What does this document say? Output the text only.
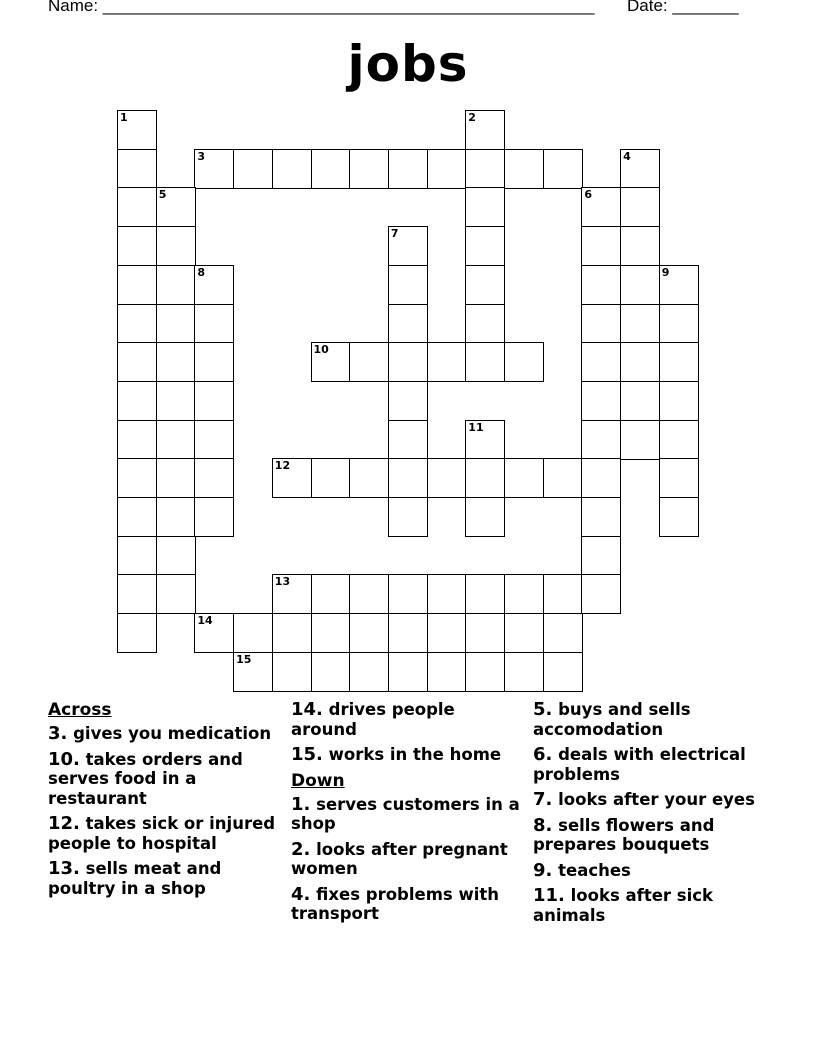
Name: ____________________________________________________ Date: _______
jobs
1	2
3	4
5	6
7
8	9
10
11
12
13
14
15
Across
3. gives you medication
10. takes orders and serves food in a restaurant
12. takes sick or injured people to hospital
13. sells meat and poultry in a shop
14. drives people around
15. works in the home
Down
1. serves customers in a shop
2. looks after pregnant women
4. fixes problems with transport
5. buys and sells accomodation
6. deals with electrical problems
7. looks after your eyes
8. sells flowers and prepares bouquets
9. teaches
11. looks after sick animals
